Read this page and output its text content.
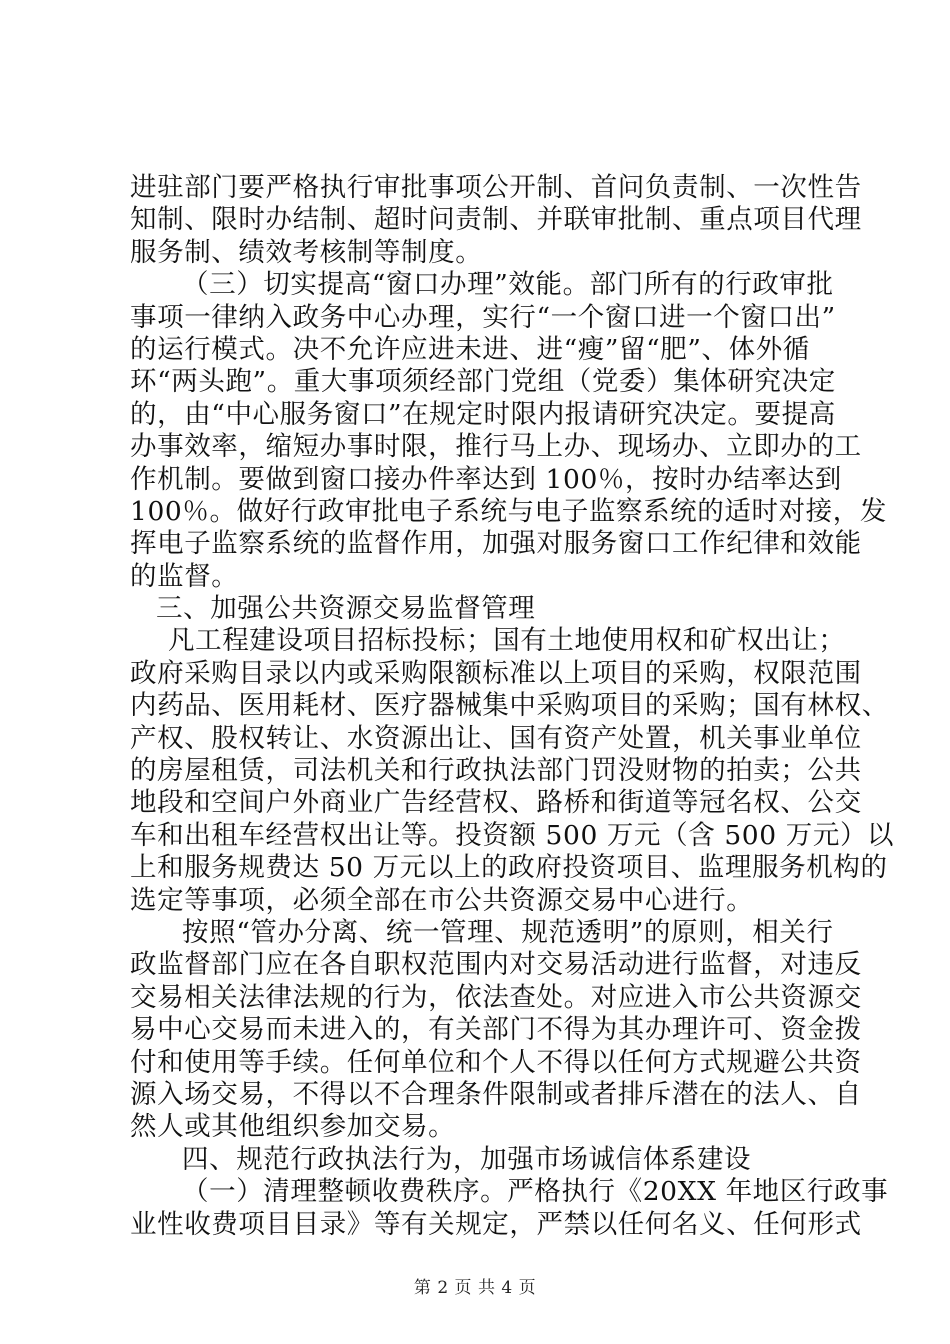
进驻部门要严格执行审批事项公开制、首问负责制、一次性告
知制、限时办结制、超时问责制、并联审批制、重点项目代理
服务制、绩效考核制等制度。
（三）切实提高“窗口办理”效能。部门所有的行政审批
事项一律纳入政务中心办理，实行“一个窗口进一个窗口出”
的运行模式。决不允许应进未进、进“瘦”留“肥”、体外循
环“两头跑”。重大事项须经部门党组（党委）集体研究决定
的，由“中心服务窗口”在规定时限内报请研究决定。要提高
办事效率，缩短办事时限，推行马上办、现场办、立即办的工
作机制。要做到窗口接办件率达到 100％，按时办结率达到
100％。做好行政审批电子系统与电子监察系统的适时对接，发
挥电子监察系统的监督作用，加强对服务窗口工作纪律和效能
的监督。
三、加强公共资源交易监督管理
凡工程建设项目招标投标；国有土地使用权和矿权出让；
政府采购目录以内或采购限额标准以上项目的采购，权限范围
内药品、医用耗材、医疗器械集中采购项目的采购；国有林权、
产权、股权转让、水资源出让、国有资产处置，机关事业单位
的房屋租赁，司法机关和行政执法部门罚没财物的拍卖；公共
地段和空间户外商业广告经营权、路桥和街道等冠名权、公交
车和出租车经营权出让等。投资额 500 万元（含 500 万元）以
上和服务规费达 50 万元以上的政府投资项目、监理服务机构的
选定等事项，必须全部在市公共资源交易中心进行。
按照“管办分离、统一管理、规范透明”的原则，相关行
政监督部门应在各自职权范围内对交易活动进行监督，对违反
交易相关法律法规的行为，依法查处。对应进入市公共资源交
易中心交易而未进入的，有关部门不得为其办理许可、资金拨
付和使用等手续。任何单位和个人不得以任何方式规避公共资
源入场交易，不得以不合理条件限制或者排斥潜在的法人、自
然人或其他组织参加交易。
四、规范行政执法行为，加强市场诚信体系建设
（一）清理整顿收费秩序。严格执行《20XX 年地区行政事
业性收费项目目录》等有关规定，严禁以任何名义、任何形式
第 2 页 共 4 页
